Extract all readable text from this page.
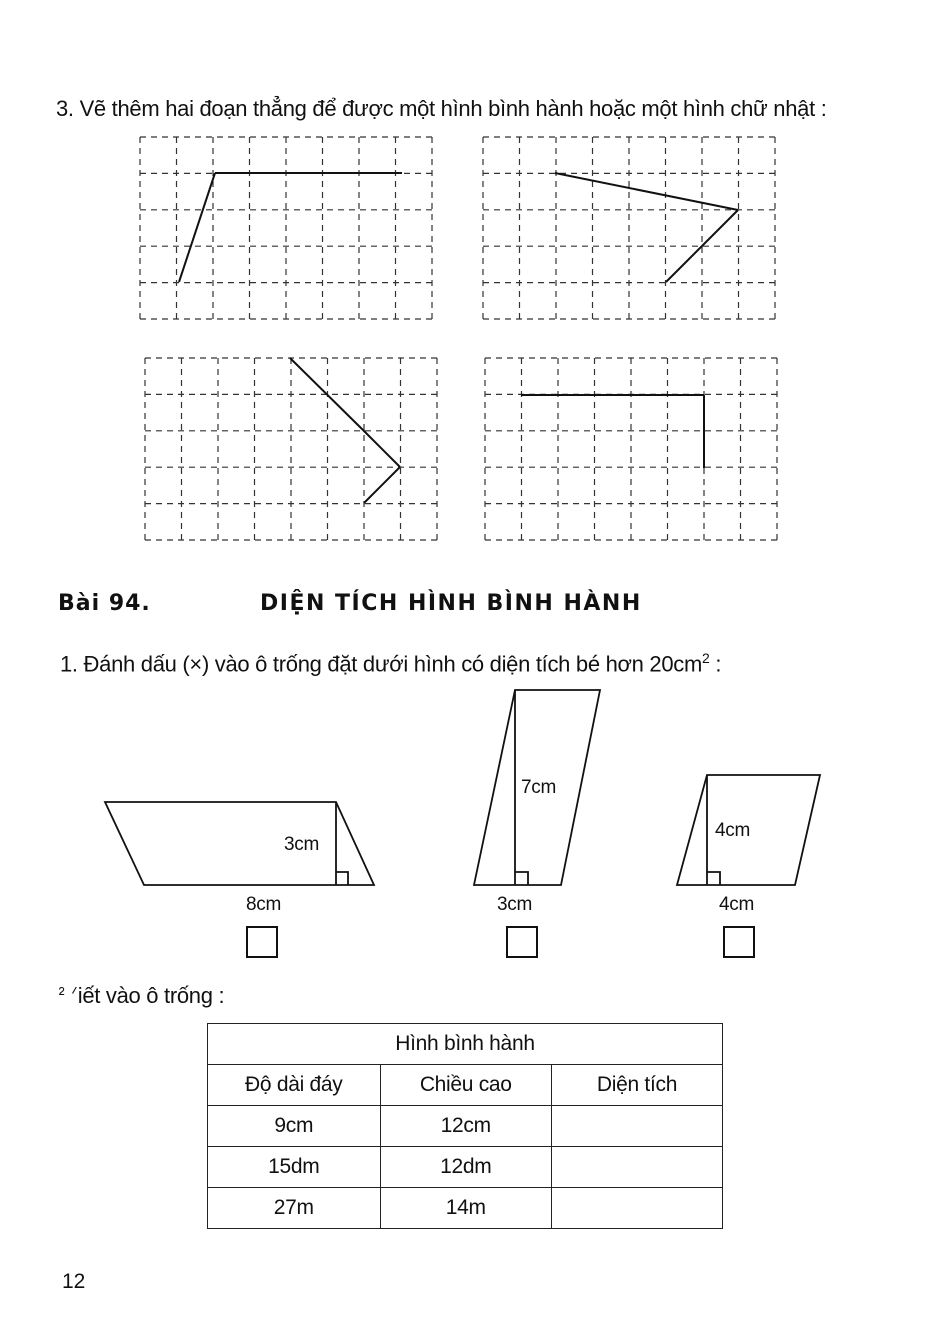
3. Vẽ thêm hai đoạn thẳng để được một hình bình hành hoặc một hình chữ nhật :
Bài 94.	DIỆN TÍCH HÌNH BÌNH HÀNH
1. Đánh dấu (×) vào ô trống đặt dưới hình có diện tích bé hơn $20cm^2$ :
3cm
8cm
7cm
3cm
4cm
4cm
ᒾ ᐟiết vào ô trống :
Hình bình hành		
Độ dài đáy	Chiều cao	Diện tích
9cm	12cm	
15dm	12dm	
27m	14m	
12
